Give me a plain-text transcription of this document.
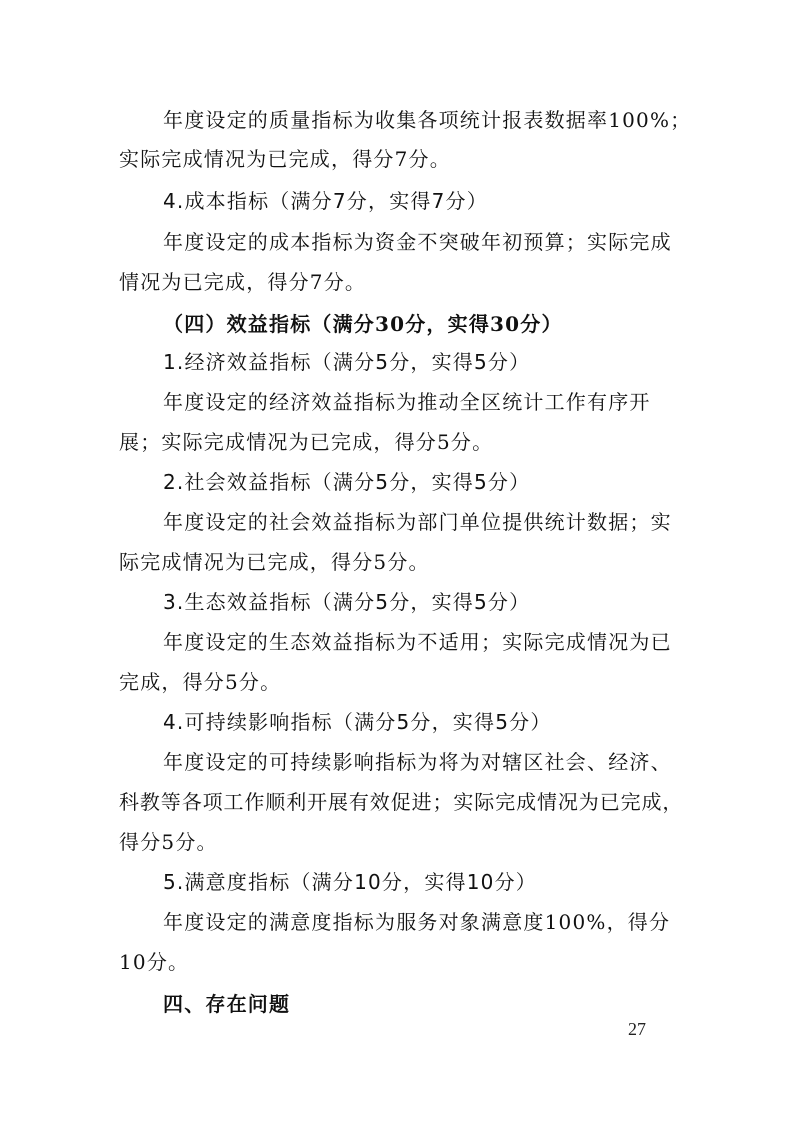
年度设定的质量指标为收集各项统计报表数据率100%；
实际完成情况为已完成，得分7分。
4.成本指标（满分7分，实得7分）
年度设定的成本指标为资金不突破年初预算；实际完成
情况为已完成，得分7分。
（四）效益指标（满分30分，实得30分）
1.经济效益指标（满分5分，实得5分）
年度设定的经济效益指标为推动全区统计工作有序开
展；实际完成情况为已完成，得分5分。
2.社会效益指标（满分5分，实得5分）
年度设定的社会效益指标为部门单位提供统计数据；实
际完成情况为已完成，得分5分。
3.生态效益指标（满分5分，实得5分）
年度设定的生态效益指标为不适用；实际完成情况为已
完成，得分5分。
4.可持续影响指标（满分5分，实得5分）
年度设定的可持续影响指标为将为对辖区社会、经济、
科教等各项工作顺利开展有效促进；实际完成情况为已完成，
得分5分。
5.满意度指标（满分10分，实得10分）
年度设定的满意度指标为服务对象满意度100%，得分
10分。
四、存在问题
27
